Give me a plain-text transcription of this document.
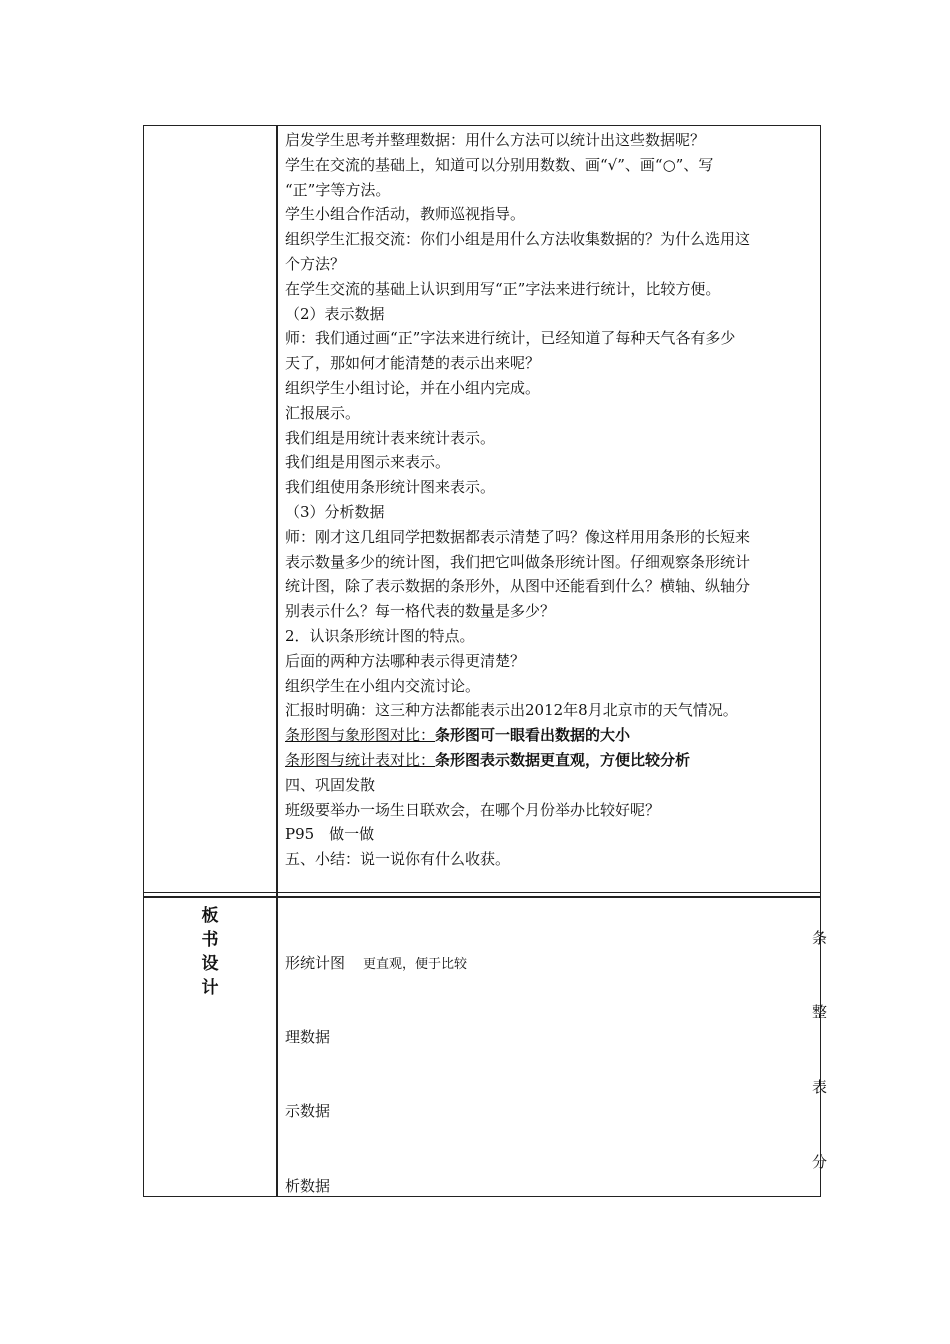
启发学生思考并整理数据：用什么方法可以统计出这些数据呢？
学生在交流的基础上，知道可以分别用数数、画“√”、画“○”、写
“正”字等方法。
学生小组合作活动，教师巡视指导。
组织学生汇报交流：你们小组是用什么方法收集数据的？为什么选用这
个方法？
在学生交流的基础上认识到用写“正”字法来进行统计，比较方便。
（2）表示数据
师：我们通过画“正”字法来进行统计，已经知道了每种天气各有多少
天了，那如何才能清楚的表示出来呢？
组织学生小组讨论，并在小组内完成。
汇报展示。
我们组是用统计表来统计表示。
我们组是用图示来表示。
我们组使用条形统计图来表示。
（3）分析数据
师：刚才这几组同学把数据都表示清楚了吗？像这样用用条形的长短来
表示数量多少的统计图，我们把它叫做条形统计图。仔细观察条形统计
统计图，除了表示数据的条形外，从图中还能看到什么？横轴、纵轴分
别表示什么？每一格代表的数量是多少？
2．认识条形统计图的特点。
后面的两种方法哪种表示得更清楚？
组织学生在小组内交流讨论。
汇报时明确：这三种方法都能表示出2012年8月北京市的天气情况。
条形图与象形图对比：条形图可一眼看出数据的大小
条形图与统计表对比：条形图表示数据更直观，方便比较分析
四、巩固发散
班级要举办一场生日联欢会，在哪个月份举办比较好呢？
P95　做一做
五、小结：说一说你有什么收获。
板
书
设
计
形统计图 更直观，便于比较
理数据
示数据
析数据
条
整
表
分
